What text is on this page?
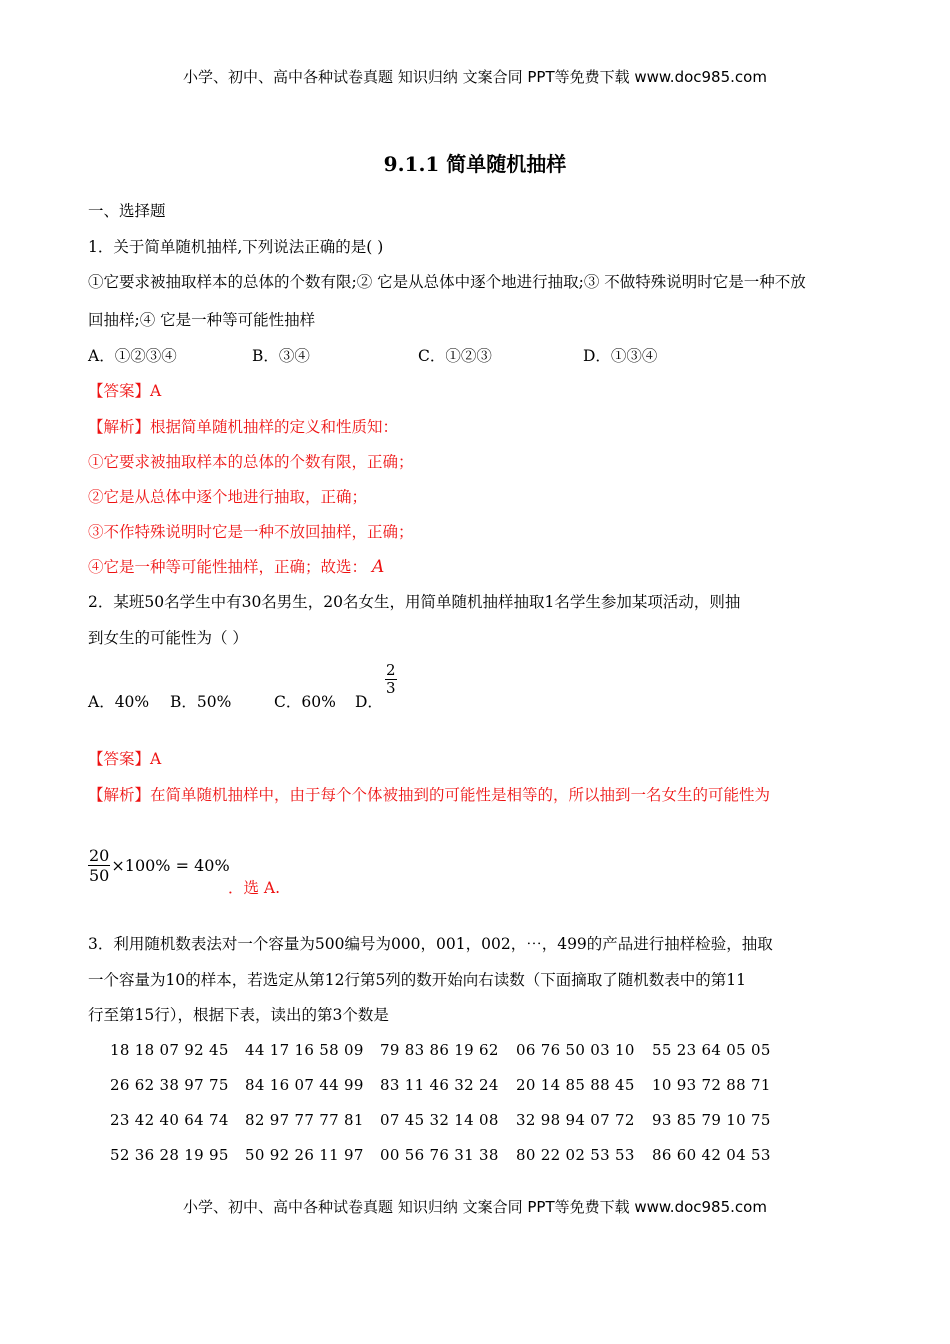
小学、初中、高中各种试卷真题 知识归纳 文案合同 PPT等免费下载 www.doc985.com
9.1.1 简单随机抽样
一、选择题
1．关于简单随机抽样,下列说法正确的是( )
①它要求被抽取样本的总体的个数有限;② 它是从总体中逐个地进行抽取;③ 不做特殊说明时它是一种不放
回抽样;④ 它是一种等可能性抽样
A．①②③④	B．③④	C．①②③	D．①③④
【答案】A
【解析】根据简单随机抽样的定义和性质知：
①它要求被抽取样本的总体的个数有限，正确；
②它是从总体中逐个地进行抽取，正确；
③不作特殊说明时它是一种不放回抽样，正确；
④它是一种等可能性抽样，正确；故选： A
2．某班50名学生中有30名男生，20名女生，用简单随机抽样抽取1名学生参加某项活动，则抽
到女生的可能性为（ ）
A．40% B．50%	C．60% D．
$\frac{2}{3}$
【答案】A
【解析】在简单随机抽样中，由于每个个体被抽到的可能性是相等的，所以抽到一名女生的可能性为
$\frac{20}{50} \times 100\% = 40\%$
．选 A.
3．利用随机数表法对一个容量为500编号为000，001，002，⋯，499的产品进行抽样检验，抽取
一个容量为10的样本，若选定从第12行第5列的数开始向右读数（下面摘取了随机数表中的第11
行至第15行），根据下表，读出的第3个数是
18 18 07 92 45 44 17 16 58 09 79 83 86 19 62 06 76 50 03 10 55 23 64 05 05
26 62 38 97 75 84 16 07 44 99 83 11 46 32 24 20 14 85 88 45 10 93 72 88 71
23 42 40 64 74 82 97 77 77 81 07 45 32 14 08 32 98 94 07 72 93 85 79 10 75
52 36 28 19 95 50 92 26 11 97 00 56 76 31 38 80 22 02 53 53 86 60 42 04 53
小学、初中、高中各种试卷真题 知识归纳 文案合同 PPT等免费下载 www.doc985.com
